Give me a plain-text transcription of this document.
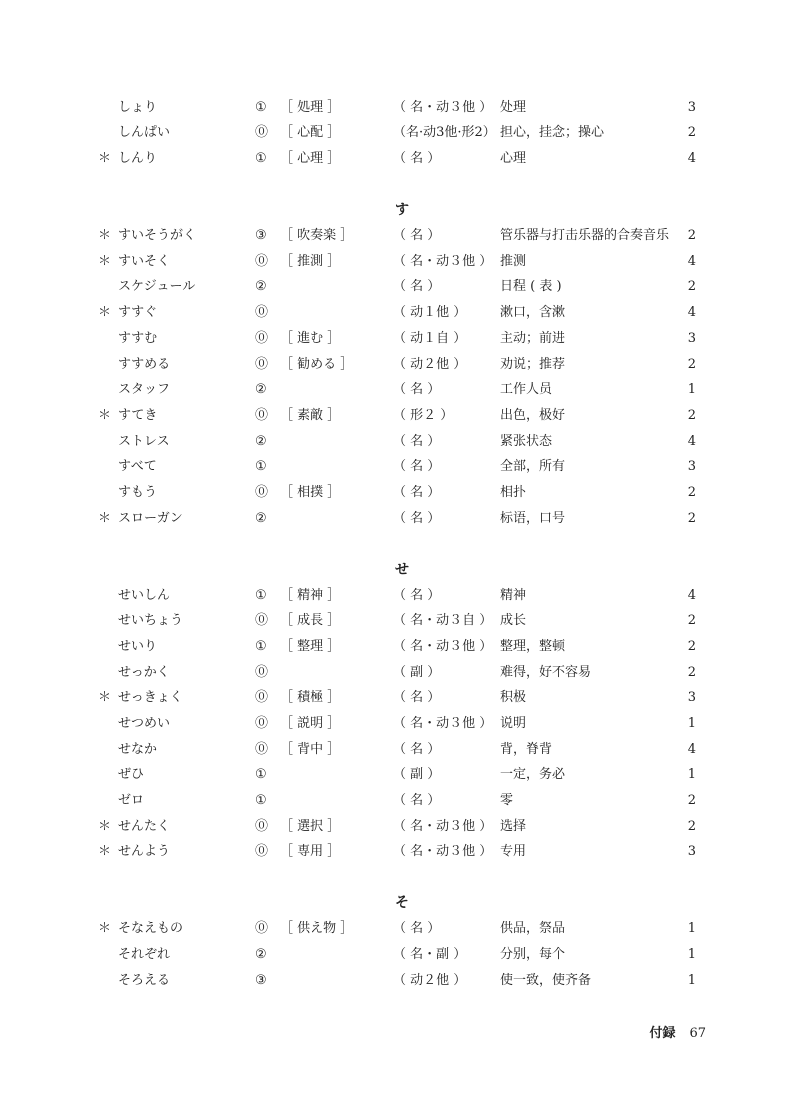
しょり	① ［ 処理 ］	（ 名・动３他 ） 处理	3
しんぱい	⓪ ［ 心配 ］	（名·动3他·形2） 担心，挂念；操心	2
＊ しんり	① ［ 心理 ］	（ 名 ）	心理	4
す
＊ すいそうがく	③ ［ 吹奏楽 ］	（ 名 ）	管乐器与打击乐器的合奏音乐	2
＊ すいそく	⓪ ［ 推測 ］	（ 名・动３他 ） 推测	4
スケジュール	②	（ 名 ）	日程 ( 表 )	2
＊ すすぐ	⓪	（ 动１他 ）	漱口，含漱	4
すすむ	⓪ ［ 進む ］	（ 动１自 ）	主动；前进	3
すすめる	⓪ ［ 勧める ］	（ 动２他 ）	劝说；推荐	2
スタッフ	②	（ 名 ）	工作人员	1
＊ すてき	⓪ ［ 素敵 ］	（ 形２ ）	出色，极好	2
ストレス	②	（ 名 ）	紧张状态	4
すべて	①	（ 名 ）	全部，所有	3
すもう	⓪ ［ 相撲 ］	（ 名 ）	相扑	2
＊ スローガン	②	（ 名 ）	标语，口号	2
せ
せいしん	① ［ 精神 ］	（ 名 ）	精神	4
せいちょう	⓪ ［ 成長 ］	（ 名・动３自 ） 成长	2
せいり	① ［ 整理 ］	（ 名・动３他 ） 整理，整顿	2
せっかく	⓪	（ 副 ）	难得，好不容易	2
＊ せっきょく	⓪ ［ 積極 ］	（ 名 ）	积极	3
せつめい	⓪ ［ 説明 ］	（ 名・动３他 ） 说明	1
せなか	⓪ ［ 背中 ］	（ 名 ）	背，脊背	4
ぜひ	①	（ 副 ）	一定，务必	1
ゼロ	①	（ 名 ）	零	2
＊ せんたく	⓪ ［ 選択 ］	（ 名・动３他 ） 选择	2
＊ せんよう	⓪ ［ 専用 ］	（ 名・动３他 ） 专用	3
そ
＊ そなえもの	⓪ ［ 供え物 ］	（ 名 ）	供品，祭品	1
それぞれ	②	（ 名・副 ）	分别，每个	1
そろえる	③	（ 动２他 ）	使一致，使齐备	1
付録 67
